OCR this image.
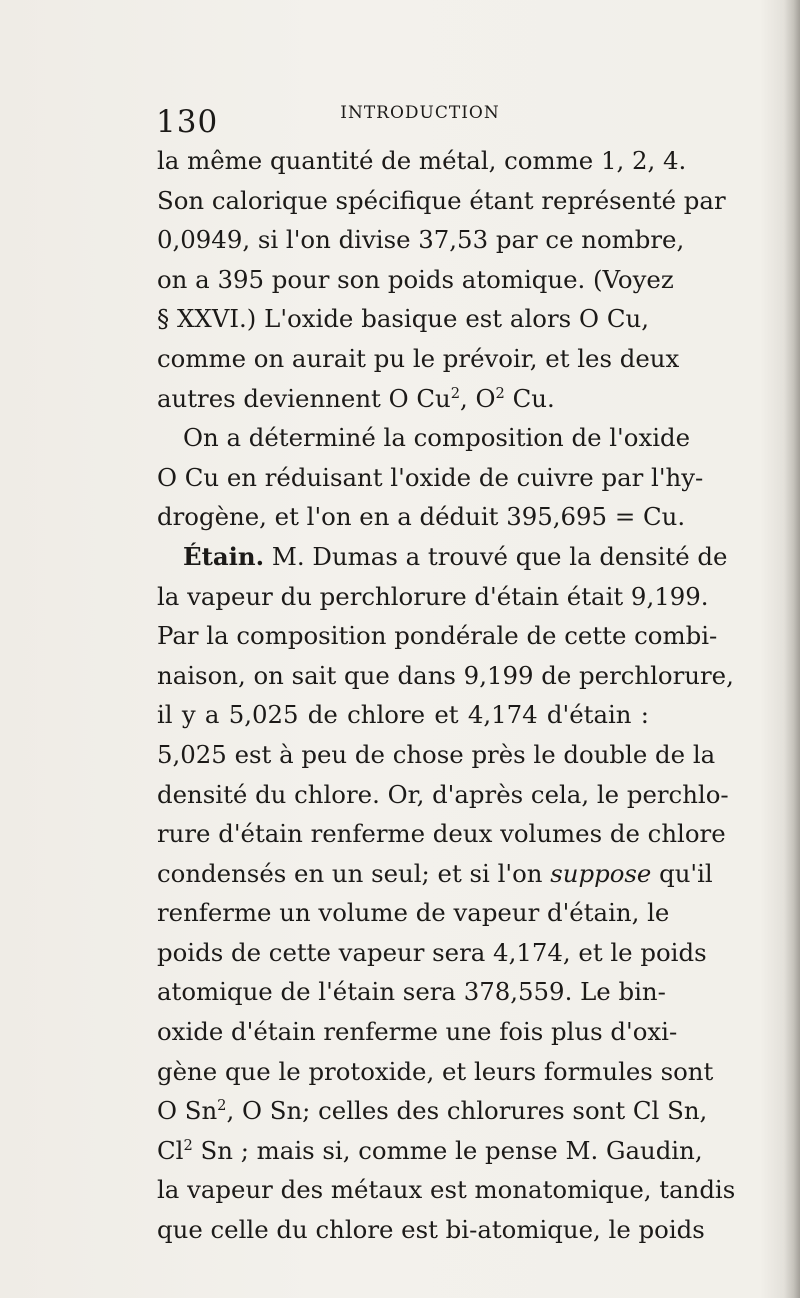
130	INTRODUCTION
la même quantité de métal, comme 1, 2, 4.
Son calorique spécifique étant représenté par
0,0949, si l'on divise 37,53 par ce nombre,
on a 395 pour son poids atomique. (Voyez
§ XXVI.) L'oxide basique est alors O Cu,
comme on aurait pu le prévoir, et les deux
autres deviennent O Cu$^2$, $O^2$ Cu.
On a déterminé la composition de l'oxide
O Cu en réduisant l'oxide de cuivre par l'hy-
drogène, et l'on en a déduit 395,695 = Cu.
Étain. M. Dumas a trouvé que la densité de
la vapeur du perchlorure d'étain était 9,199.
Par la composition pondérale de cette combi-
naison, on sait que dans 9,199 de perchlorure,
il y a 5,025 de chlore et 4,174 d'étain :
5,025 est à peu de chose près le double de la
densité du chlore. Or, d'après cela, le perchlo-
rure d'étain renferme deux volumes de chlore
condensés en un seul; et si l'on suppose qu'il
renferme un volume de vapeur d'étain, le
poids de cette vapeur sera 4,174, et le poids
atomique de l'étain sera 378,559. Le bin-
oxide d'étain renferme une fois plus d'oxi-
gène que le protoxide, et leurs formules sont
O Sn$^2$, O Sn; celles des chlorures sont Cl Sn,
Cl$^2$ Sn ; mais si, comme le pense M. Gaudin,
la vapeur des métaux est monatomique, tandis
que celle du chlore est bi-atomique, le poids
